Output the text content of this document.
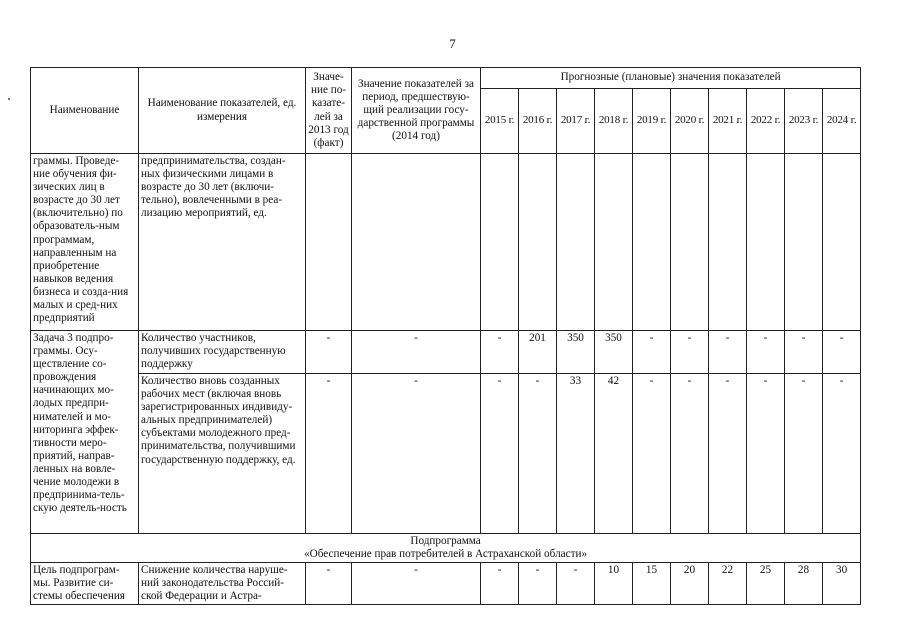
7
Наименование	Наименование показателей, ед. измерения	Значе-ние по-казате-лей за 2013 год (факт)	Значение показателей за период, предшествую-щий реализации госу-дарственной программы (2014 год)	Прогнозные (плановые) значения показателей									
				2015 г.	2016 г.	2017 г.	2018 г.	2019 г.	2020 г.	2021 г.	2022 г.	2023 г.	2024 г.
граммы. Проведе-ние обучения фи-зических лиц в возрасте до 30 лет (включительно) по образователь-ным программам, направленным на приобретение навыков ведения бизнеса и созда-ния малых и сред-них предприятий	предпринимательства, создан-ных физическими лицами в возрасте до 30 лет (включи-тельно), вовлеченными в реа-лизацию мероприятий, ед.												
Задача 3 подпро-граммы. Осу-ществление со-провождения начинающих мо-лодых предпри-нимателей и мо-ниторинга эффек-тивности меро-приятий, направ-ленных на вовле-чение молодежи в предпринима-тель-скую деятель-ность	Количество участников, получивших государственную поддержку	-	-	-	201	350	350	-	-	-	-	-	-
	Количество вновь созданных рабочих мест (включая вновь зарегистрированных индивиду-альных предпринимателей) субъектами молодежного пред-принимательства, получившими государственную поддержку, ед.	-	-	-	-	33	42	-	-	-	-	-	-

Подпрограмма
«Обеспечение прав потребителей в Астраханской области»													

Цель подпрограм-мы. Развитие си-стемы обеспечения	Снижение количества наруше-ний законодательства Россий-ской Федерации и Астра-	-	-	-	-	-	10	15	20	22	25	28	30
